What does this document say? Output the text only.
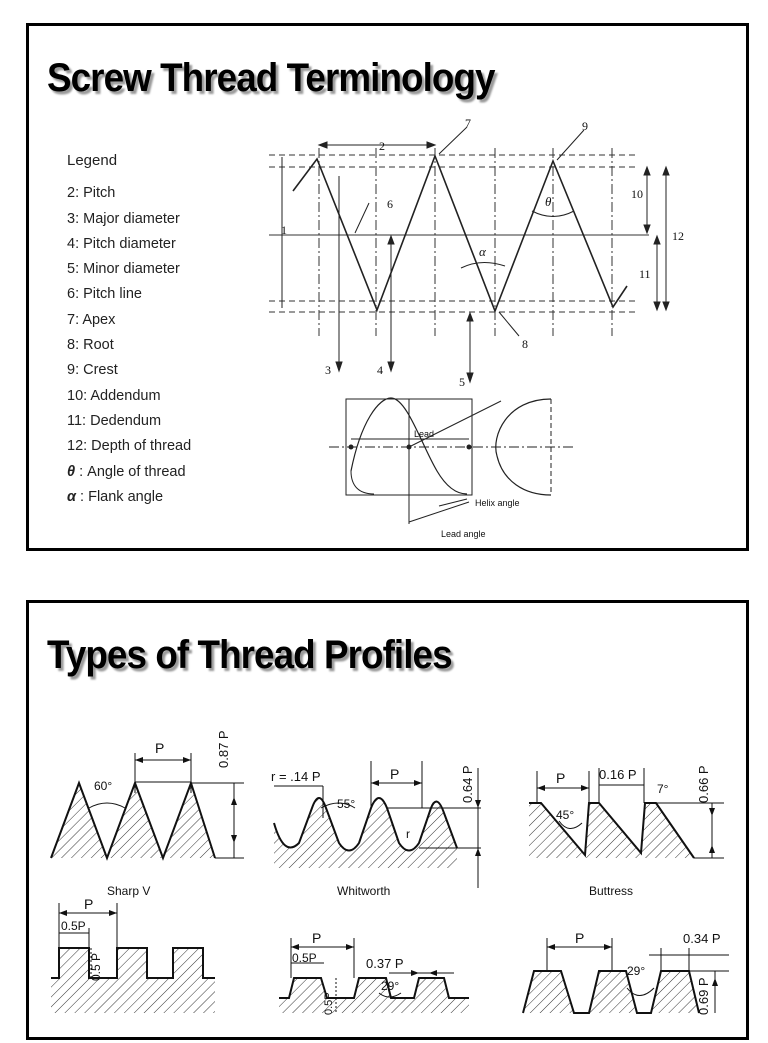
Screw Thread Terminology
Legend
2: Pitch
3: Major diameter
4: Pitch diameter
5: Minor diameter
6: Pitch line
7: Apex
8: Root
9: Crest
10: Addendum
11: Dedendum
12: Depth of thread
θ : Angle of thread
α : Flank angle
1
2
3	4
5
6
7
8
9
10
11
12
θ
α
Lead
Helix angle
Lead angle
Types of Thread Profiles
P	0.87 P
60°
Sharp V
r = .14 P	P	0.64 P
55°
r
Whitworth
P	0.16 P
7°
45°
0.66 P
Buttress
P
0.5P
0.5 P
P
0.5P	0.37 P
29°
0.5P
P	0.34 P
29°
0.69 P
